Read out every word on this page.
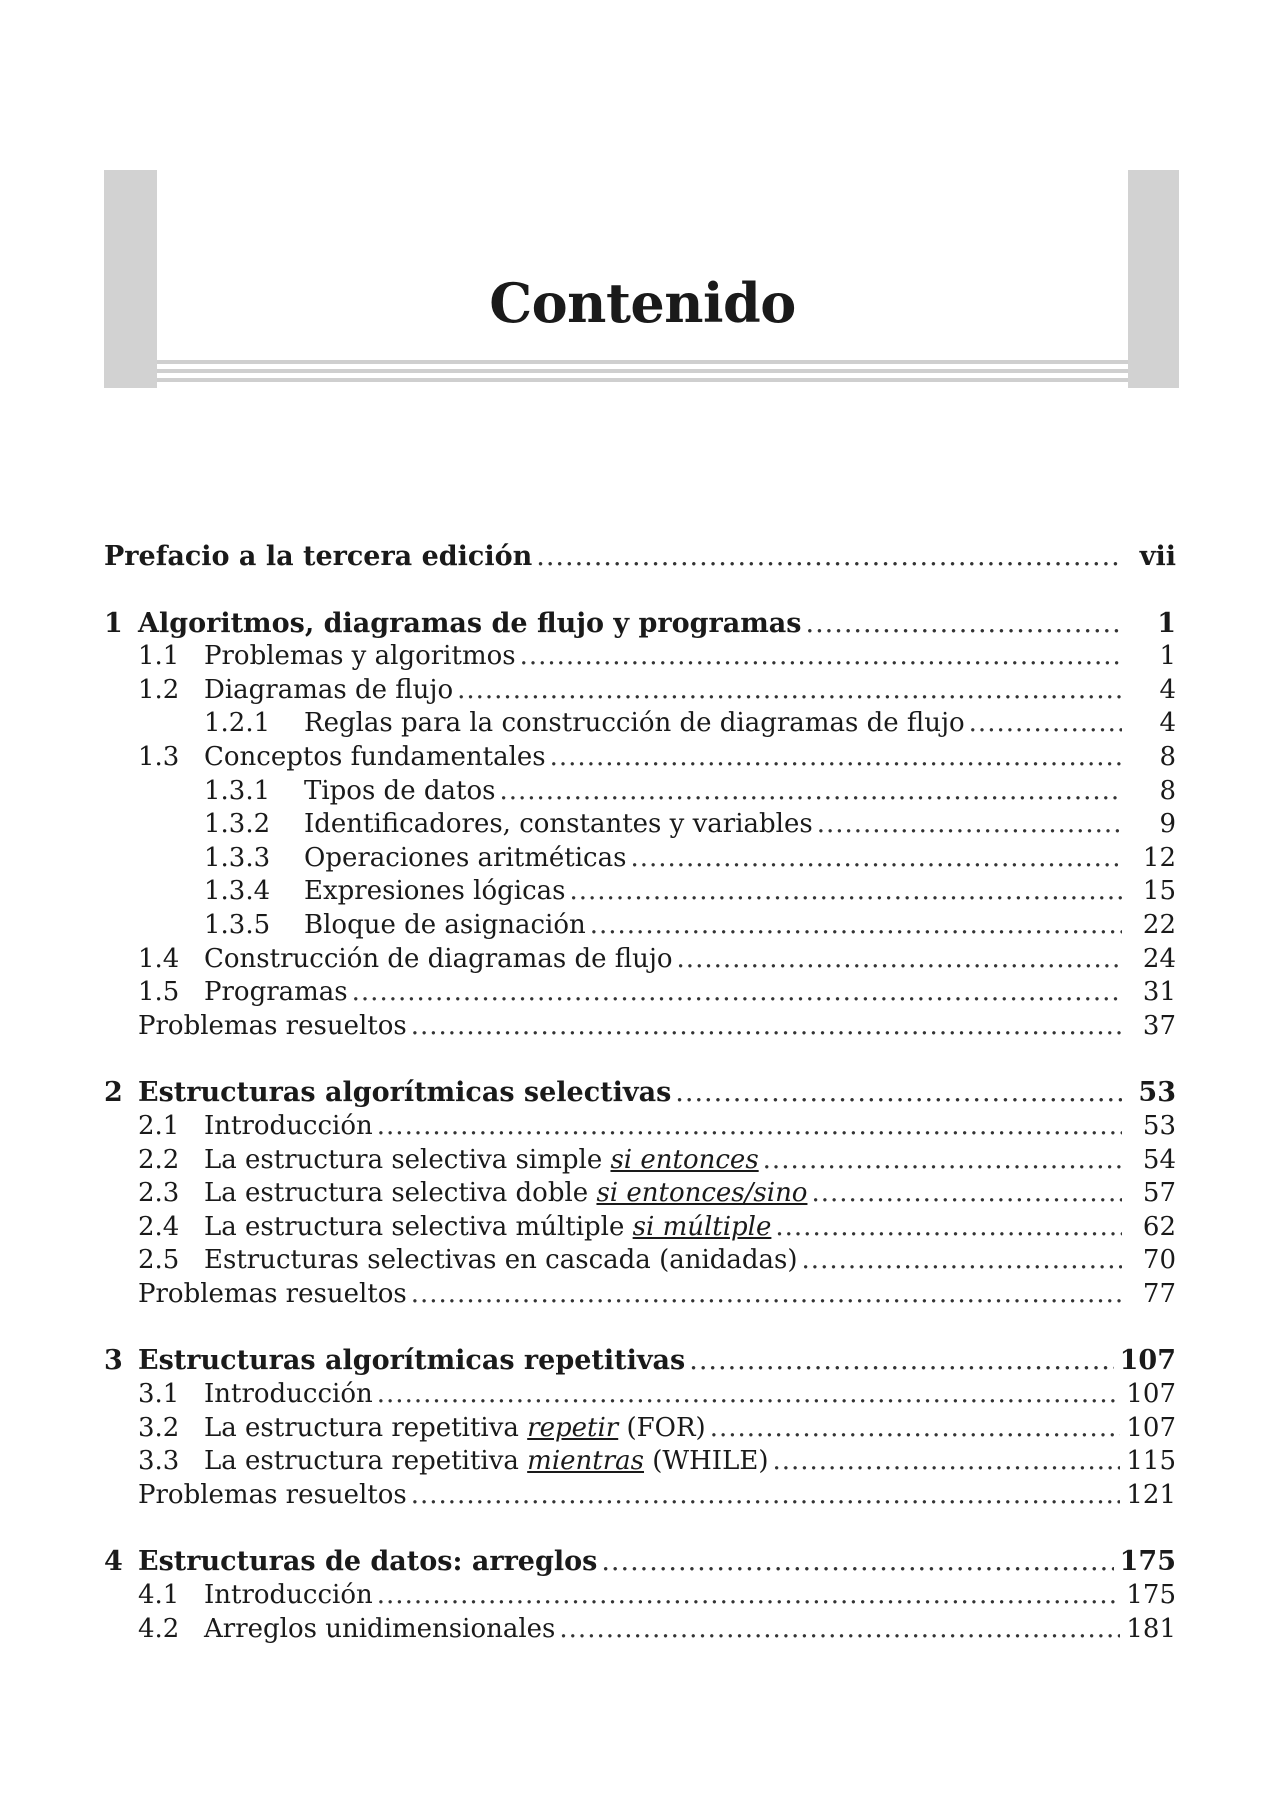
Contenido
Prefacio a la tercera edición .....	vii
1 Algoritmos, diagramas de flujo y programas .....	1
1.1 Problemas y algoritmos .....	1
1.2 Diagramas de flujo .....	4
1.2.1	Reglas para la construcción de diagramas de flujo .....	4
1.3 Conceptos fundamentales .....	8
1.3.1	Tipos de datos .....	8
1.3.2	Identificadores, constantes y variables .....	9
1.3.3	Operaciones aritméticas .....	12
1.3.4	Expresiones lógicas .....	15
1.3.5	Bloque de asignación .....	22
1.4 Construcción de diagramas de flujo .....	24
1.5 Programas .....	31
Problemas resueltos .....	37
2 Estructuras algorítmicas selectivas .....	53
2.1 Introducción .....	53
2.2 La estructura selectiva simple si entonces .....	54
2.3 La estructura selectiva doble si entonces/sino .....	57
2.4 La estructura selectiva múltiple si múltiple .....	62
2.5 Estructuras selectivas en cascada (anidadas) .....	70
Problemas resueltos .....	77
3 Estructuras algorítmicas repetitivas .....	107
3.1 Introducción .....	107
3.2 La estructura repetitiva repetir (FOR) .....	107
3.3 La estructura repetitiva mientras (WHILE) .....	115
Problemas resueltos .....	121
4 Estructuras de datos: arreglos .....	175
4.1 Introducción .....	175
4.2 Arreglos unidimensionales .....	181
